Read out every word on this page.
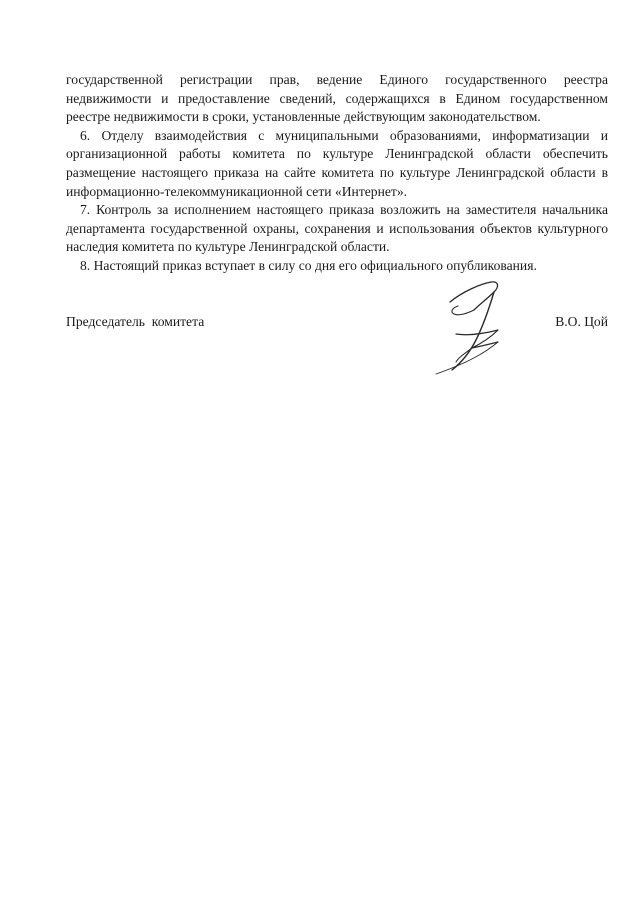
государственной регистрации прав, ведение Единого государственного реестра недвижимости и предоставление сведений, содержащихся в Едином государственном реестре недвижимости в сроки, установленные действующим законодательством.

6. Отделу взаимодействия с муниципальными образованиями, информатизации и организационной работы комитета по культуре Ленинградской области обеспечить размещение настоящего приказа на сайте комитета по культуре Ленинградской области в информационно-телекоммуникационной сети «Интернет».

7. Контроль за исполнением настоящего приказа возложить на заместителя начальника департамента государственной охраны, сохранения и использования объектов культурного наследия комитета по культуре Ленинградской области.

8. Настоящий приказ вступает в силу со дня его официального опубликования.

Председатель  комитета	В.О. Цой
